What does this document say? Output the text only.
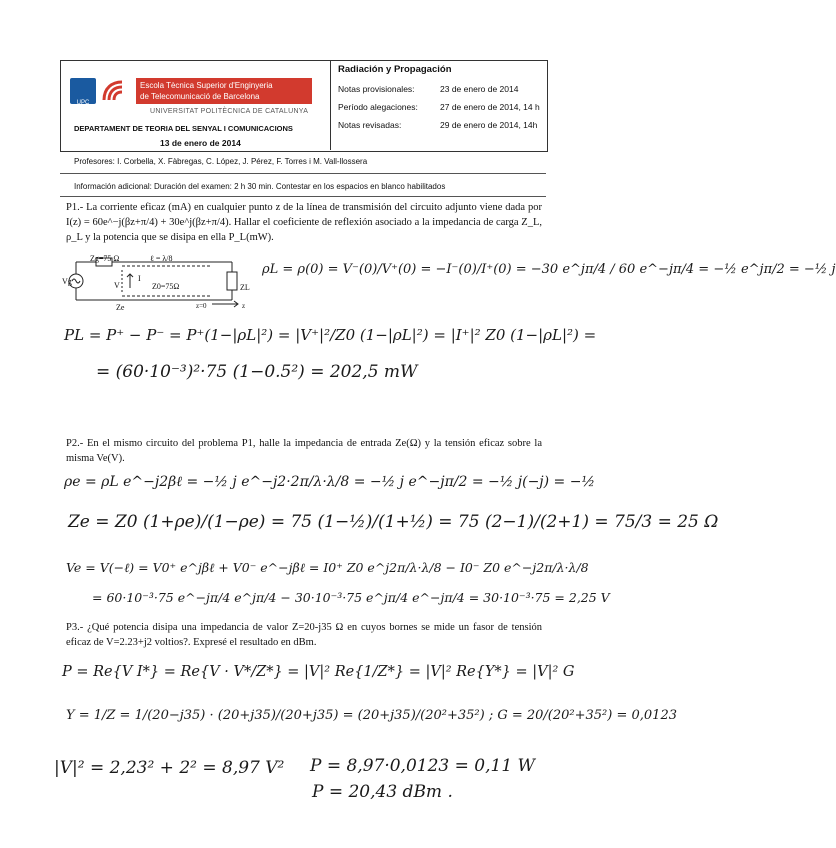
UPC
Escola Tècnica Superior d'Enginyeria
de Telecomunicació de Barcelona
UNIVERSITAT POLITÈCNICA DE CATALUNYA
DEPARTAMENT DE TEORIA DEL SENYAL I COMUNICACIONS
13 de enero de 2014
Radiación y Propagación
Notas provisionales:	23 de enero de 2014
Período alegaciones:	27 de enero de 2014, 14 h
Notas revisadas:	29 de enero de 2014, 14h
Profesores: I. Corbella, X. Fàbregas, C. López, J. Pérez, F. Torres i M. Vall-llossera
Información adicional: Duración del examen: 2 h 30 min. Contestar en los espacios en blanco habilitados
P1.- La corriente eficaz (mA) en cualquier punto z de la línea de transmisión del circuito adjunto viene dada por I(z) = 60e^−j(βz+π/4) + 30e^j(βz+π/4). Hallar el coeficiente de reflexión asociado a la impedancia de carga Z_L, ρ_L y la potencia que se disipa en ella P_L(mW).
Zg=75 Ω	ℓ = λ/8
Vg	V
I
Z0=75Ω
Ze
ZL
z=0	z
ρL = ρ(0) = V⁻(0)/V⁺(0) = −I⁻(0)/I⁺(0) = −30 e^jπ/4 / 60 e^−jπ/4 = −½ e^jπ/2 = −½ j
PL = P⁺ − P⁻ = P⁺(1−|ρL|²) = |V⁺|²/Z0 (1−|ρL|²) = |I⁺|² Z0 (1−|ρL|²) =
= (60·10⁻³)²·75 (1−0.5²) = 202,5 mW
P2.- En el mismo circuito del problema P1, halle la impedancia de entrada Ze(Ω) y la tensión eficaz sobre la misma Ve(V).
ρe = ρL e^−j2βℓ = −½ j e^−j2·2π/λ·λ/8 = −½ j e^−jπ/2 = −½ j(−j) = −½
Ze = Z0 (1+ρe)/(1−ρe) = 75 (1−½)/(1+½) = 75 (2−1)/(2+1) = 75/3 = 25 Ω
Ve = V(−ℓ) = V0⁺ e^jβℓ + V0⁻ e^−jβℓ = I0⁺ Z0 e^j2π/λ·λ/8 − I0⁻ Z0 e^−j2π/λ·λ/8
= 60·10⁻³·75 e^−jπ/4 e^jπ/4 − 30·10⁻³·75 e^jπ/4 e^−jπ/4 = 30·10⁻³·75 = 2,25 V
P3.- ¿Qué potencia disipa una impedancia de valor Z=20-j35 Ω en cuyos bornes se mide un fasor de tensión eficaz de V=2.23+j2 voltios?. Expresé el resultado en dBm.
P = Re{V I*} = Re{V · V*/Z*} = |V|² Re{1/Z*} = |V|² Re{Y*} = |V|² G
Y = 1/Z = 1/(20−j35) · (20+j35)/(20+j35) = (20+j35)/(20²+35²) ; G = 20/(20²+35²) = 0,0123
|V|² = 2,23² + 2² = 8,97 V² P = 8,97·0,0123 = 0,11 W
P = 20,43 dBm .
